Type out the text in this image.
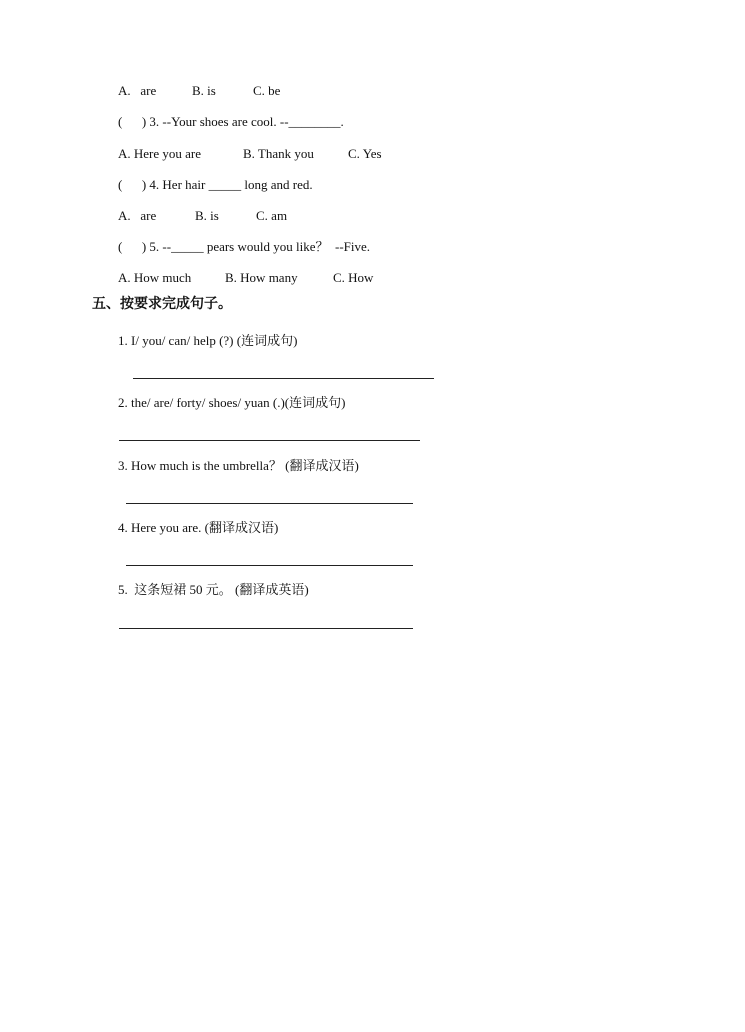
A.   are	B. is	C. be
(      ) 3. --Your shoes are cool. --________.
A. Here you are	B. Thank you	C. Yes
(      ) 4. Her hair _____ long and red.
A.   are	B. is	C. am
(      ) 5. --_____ pears would you like？  --Five.
A. How much	B. How many	C. How
五、按要求完成句子。
1. I/ you/ can/ help (?) (连词成句)
2. the/ are/ forty/ shoes/ yuan (.)(连词成句)
3. How much is the umbrella？ (翻译成汉语)
4. Here you are. (翻译成汉语)
5.  这条短裙 50 元。 (翻译成英语)
